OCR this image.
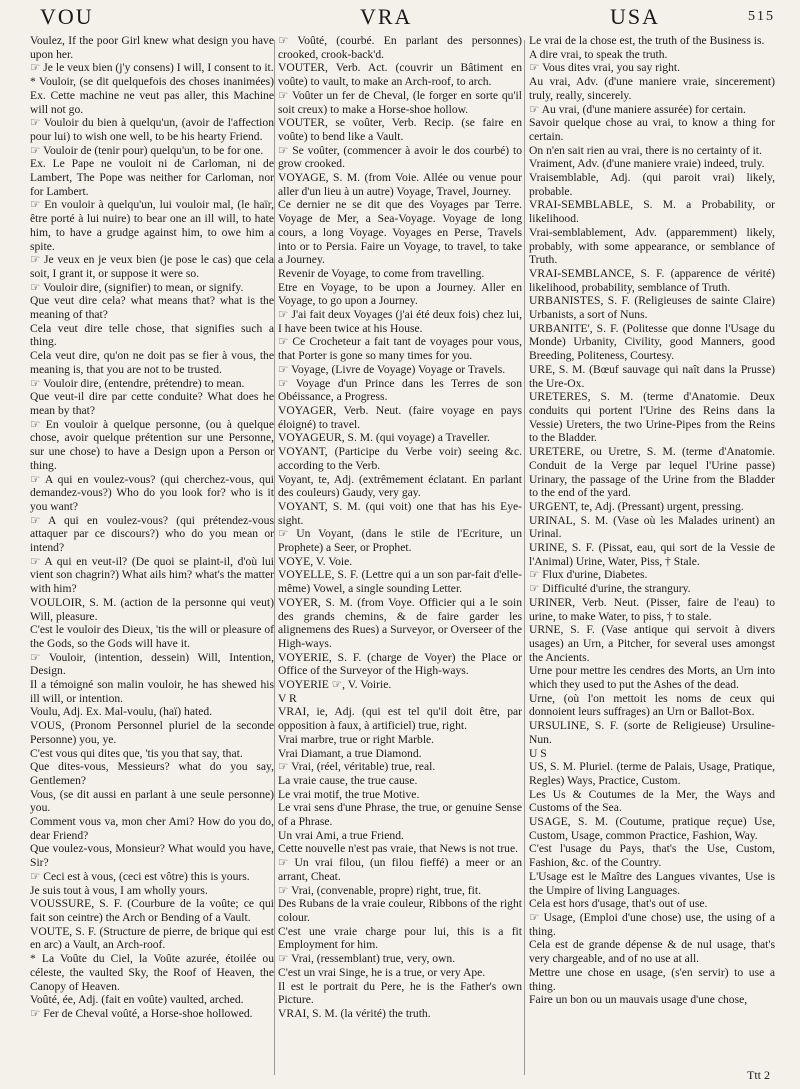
VOU	VRA	USA	515

Voulez, If the poor Girl knew what design you have upon her.

☞ Je le veux bien (j'y consens) I will, I consent to it.

* Vouloir, (se dit quelquefois des choses inanimées) Ex. Cette machine ne veut pas aller, this Machine will not go.

☞ Vouloir du bien à quelqu'un, (avoir de l'affection pour lui) to wish one well, to be his hearty Friend.

☞ Vouloir de (tenir pour) quelqu'un, to be for one.

Ex. Le Pape ne vouloit ni de Carloman, ni de Lambert, The Pope was neither for Carloman, nor for Lambert.

☞ En vouloir à quelqu'un, lui vouloir mal, (le haïr, être porté à lui nuire) to bear one an ill will, to hate him, to have a grudge against him, to owe him a spite.

☞ Je veux en je veux bien (je pose le cas) que cela soit, I grant it, or suppose it were so.

☞ Vouloir dire, (signifier) to mean, or signify.

Que veut dire cela? what means that? what is the meaning of that?

Cela veut dire telle chose, that signifies such a thing.

Cela veut dire, qu'on ne doit pas se fier à vous, the meaning is, that you are not to be trusted.

☞ Vouloir dire, (entendre, prétendre) to mean.

Que veut-il dire par cette conduite? What does he mean by that?

☞ En vouloir à quelque personne, (ou à quelque chose, avoir quelque prétention sur une Personne, sur une chose) to have a Design upon a Person or thing.

☞ A qui en voulez-vous? (qui cherchez-vous, qui demandez-vous?) Who do you look for? who is it you want?

☞ A qui en voulez-vous? (qui prétendez-vous attaquer par ce discours?) who do you mean or intend?

☞ A qui en veut-il? (De quoi se plaint-il, d'où lui vient son chagrin?) What ails him? what's the matter with him?

VOULOIR, S. M. (action de la personne qui veut) Will, pleasure.

C'est le vouloir des Dieux, 'tis the will or pleasure of the Gods, so the Gods will have it.

☞ Vouloir, (intention, dessein) Will, Intention, Design.

Il a témoigné son malin vouloir, he has shewed his ill will, or intention.

Voulu, Adj. Ex. Mal-voulu, (haï) hated.

VOUS, (Pronom Personnel pluriel de la seconde Personne) you, ye.

C'est vous qui dites que, 'tis you that say, that.

Que dites-vous, Messieurs? what do you say, Gentlemen?

Vous, (se dit aussi en parlant à une seule personne) you.

Comment vous va, mon cher Ami? How do you do, dear Friend?

Que voulez-vous, Monsieur? What would you have, Sir?

☞ Ceci est à vous, (ceci est vôtre) this is yours.

Je suis tout à vous, I am wholly yours.

VOUSSURE, S. F. (Courbure de la voûte; ce qui fait son ceintre) the Arch or Bending of a Vault.

VOUTE, S. F. (Structure de pierre, de brique qui est en arc) a Vault, an Arch-roof.

* La Voûte du Ciel, la Voûte azurée, étoilée ou céleste, the vaulted Sky, the Roof of Heaven, the Canopy of Heaven.

Voûté, ée, Adj. (fait en voûte) vaulted, arched.

☞ Fer de Cheval voûté, a Horse-shoe hollowed.

☞ Voûté, (courbé. En parlant des personnes) crooked, crook-back'd.

VOUTER, Verb. Act. (couvrir un Bâtiment en voûte) to vault, to make an Arch-roof, to arch.

☞ Voûter un fer de Cheval, (le forger en sorte qu'il soit creux) to make a Horse-shoe hollow.

VOUTER, se voûter, Verb. Recip. (se faire en voûte) to bend like a Vault.

☞ Se voûter, (commencer à avoir le dos courbé) to grow crooked.

VOYAGE, S. M. (from Voie. Allée ou venue pour aller d'un lieu à un autre) Voyage, Travel, Journey.

Ce dernier ne se dit que des Voyages par Terre. Voyage de Mer, a Sea-Voyage. Voyage de long cours, a long Voyage. Voyages en Perse, Travels into or to Persia. Faire un Voyage, to travel, to take a Journey.

Revenir de Voyage, to come from travelling.

Etre en Voyage, to be upon a Journey. Aller en Voyage, to go upon a Journey.

☞ J'ai fait deux Voyages (j'ai été deux fois) chez lui, I have been twice at his House.

☞ Ce Crocheteur a fait tant de voyages pour vous, that Porter is gone so many times for you.

☞ Voyage, (Livre de Voyage) Voyage or Travels.

☞ Voyage d'un Prince dans les Terres de son Obéissance, a Progress.

VOYAGER, Verb. Neut. (faire voyage en pays éloigné) to travel.

VOYAGEUR, S. M. (qui voyage) a Traveller.

VOYANT, (Participe du Verbe voir) seeing &c. according to the Verb.

Voyant, te, Adj. (extrêmement éclatant. En parlant des couleurs) Gaudy, very gay.

VOYANT, S. M. (qui voit) one that has his Eye-sight.

☞ Un Voyant, (dans le stile de l'Ecriture, un Prophete) a Seer, or Prophet.

VOYE, V. Voie.

VOYELLE, S. F. (Lettre qui a un son par-fait d'elle-même) Vowel, a single sounding Letter.

VOYER, S. M. (from Voye. Officier qui a le soin des grands chemins, & de faire garder les alignemens des Rues) a Surveyor, or Overseer of the High-ways.

VOYERIE, S. F. (charge de Voyer) the Place or Office of the Surveyor of the High-ways.

VOYERIE ☞, V. Voirie.

V R

VRAI, ie, Adj. (qui est tel qu'il doit être, par opposition à faux, à artificiel) true, right.

Vrai marbre, true or right Marble.

Vrai Diamant, a true Diamond.

☞ Vrai, (réel, véritable) true, real.

La vraie cause, the true cause.

Le vrai motif, the true Motive.

Le vrai sens d'une Phrase, the true, or genuine Sense of a Phrase.

Un vrai Ami, a true Friend.

Cette nouvelle n'est pas vraie, that News is not true.

☞ Un vrai filou, (un filou fieffé) a meer or an arrant, Cheat.

☞ Vrai, (convenable, propre) right, true, fit.

Des Rubans de la vraie couleur, Ribbons of the right colour.

C'est une vraie charge pour lui, this is a fit Employment for him.

☞ Vrai, (ressemblant) true, very, own.

C'est un vrai Singe, he is a true, or very Ape.

Il est le portrait du Pere, he is the Father's own Picture.

VRAI, S. M. (la vérité) the truth.

Le vrai de la chose est, the truth of the Business is.

A dire vrai, to speak the truth.

☞ Vous dites vrai, you say right.

Au vrai, Adv. (d'une maniere vraie, sincerement) truly, really, sincerely.

☞ Au vrai, (d'une maniere assurée) for certain.

Savoir quelque chose au vrai, to know a thing for certain.

On n'en sait rien au vrai, there is no certainty of it.

Vraiment, Adv. (d'une maniere vraie) indeed, truly.

Vraisemblable, Adj. (qui paroit vrai) likely, probable.

VRAI-SEMBLABLE, S. M. a Probability, or likelihood.

Vrai-semblablement, Adv. (apparemment) likely, probably, with some appearance, or semblance of Truth.

VRAI-SEMBLANCE, S. F. (apparence de vérité) likelihood, probability, semblance of Truth.

URBANISTES, S. F. (Religieuses de sainte Claire) Urbanists, a sort of Nuns.

URBANITE', S. F. (Politesse que donne l'Usage du Monde) Urbanity, Civility, good Manners, good Breeding, Politeness, Courtesy.

URE, S. M. (Bœuf sauvage qui naît dans la Prusse) the Ure-Ox.

URETERES, S. M. (terme d'Anatomie. Deux conduits qui portent l'Urine des Reins dans la Vessie) Ureters, the two Urine-Pipes from the Reins to the Bladder.

URETERE, ou Uretre, S. M. (terme d'Anatomie. Conduit de la Verge par lequel l'Urine passe) Urinary, the passage of the Urine from the Bladder to the end of the yard.

URGENT, te, Adj. (Pressant) urgent, pressing.

URINAL, S. M. (Vase où les Malades urinent) an Urinal.

URINE, S. F. (Pissat, eau, qui sort de la Vessie de l'Animal) Urine, Water, Piss, † Stale.

☞ Flux d'urine, Diabetes.

☞ Difficulté d'urine, the strangury.

URINER, Verb. Neut. (Pisser, faire de l'eau) to urine, to make Water, to piss, † to stale.

URNE, S. F. (Vase antique qui servoit à divers usages) an Urn, a Pitcher, for several uses amongst the Ancients.

Urne pour mettre les cendres des Morts, an Urn into which they used to put the Ashes of the dead.

Urne, (où l'on mettoit les noms de ceux qui donnoient leurs suffrages) an Urn or Ballot-Box.

URSULINE, S. F. (sorte de Religieuse) Ursuline-Nun.

U S

US, S. M. Pluriel. (terme de Palais, Usage, Pratique, Regles) Ways, Practice, Custom.

Les Us & Coutumes de la Mer, the Ways and Customs of the Sea.

USAGE, S. M. (Coutume, pratique reçue) Use, Custom, Usage, common Practice, Fashion, Way.

C'est l'usage du Pays, that's the Use, Custom, Fashion, &c. of the Country.

L'Usage est le Maître des Langues vivantes, Use is the Umpire of living Languages.

Cela est hors d'usage, that's out of use.

☞ Usage, (Emploi d'une chose) use, the using of a thing.

Cela est de grande dépense & de nul usage, that's very chargeable, and of no use at all.

Mettre une chose en usage, (s'en servir) to use a thing.

Faire un bon ou un mauvais usage d'une chose,

Ttt 2
